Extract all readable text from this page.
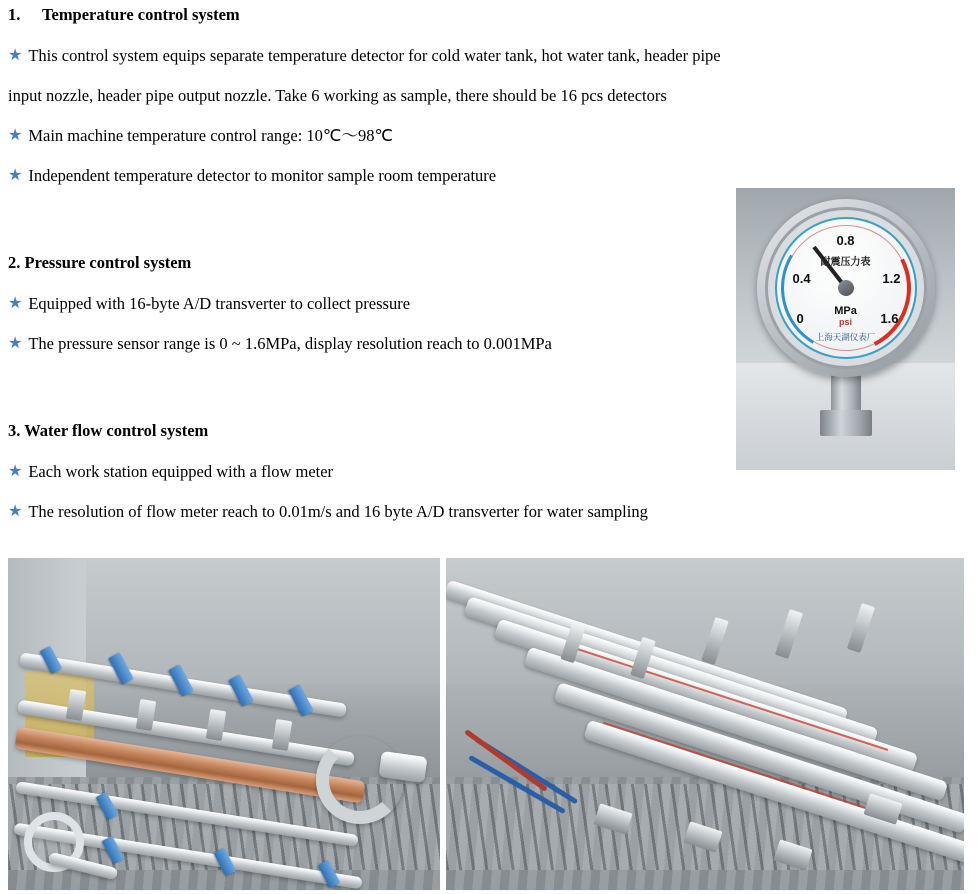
1.	Temperature control system
★ This control system equips separate temperature detector for cold water tank, hot water tank, header pipe
input nozzle, header pipe output nozzle. Take 6 working as sample, there should be 16 pcs detectors
★ Main machine temperature control range: 10℃～98℃
★ Independent temperature detector to monitor sample room temperature
2. Pressure control system
★ Equipped with 16-byte A/D transverter to collect pressure
★ The pressure sensor range is 0 ~ 1.6MPa, display resolution reach to 0.001MPa
3. Water flow control system
★ Each work station equipped with a flow meter
★ The resolution of flow meter reach to 0.01m/s and 16 byte A/D transverter for water sampling
0.8
耐震压力表
0.4	1.2
0	1.6
MPa
psi
上海天湖仪表厂
